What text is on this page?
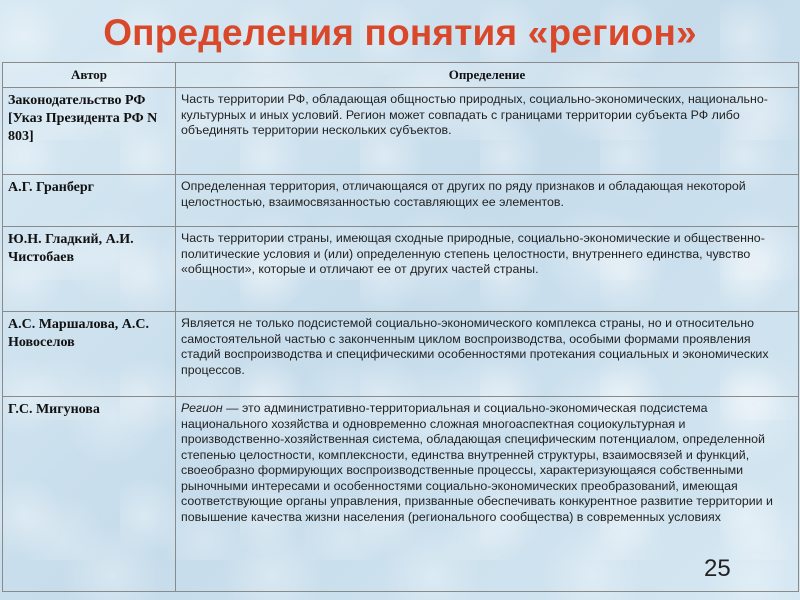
Определения понятия «регион»
Автор	Определение
Законодательство РФ [Указ Президента РФ N 803]	Часть территории РФ, обладающая общностью природных, социально-экономических, национально-культурных и иных условий. Регион может совпадать с границами территории субъекта РФ либо объединять территории нескольких субъектов.
А.Г. Гранберг	Определенная территория, отличающаяся от других по ряду признаков и обладающая некоторой целостностью, взаимосвязанностью составляющих ее элементов.
Ю.Н. Гладкий, А.И. Чистобаев	Часть территории страны, имеющая сходные природные, социально-экономические и общественно-политические условия и (или) определенную степень целостности, внутреннего единства, чувство «общности», которые и отличают ее от других частей страны.
А.С. Маршалова, А.С. Новоселов	Является не только подсистемой социально-экономического комплекса страны, но и относительно самостоятельной частью с законченным циклом воспроизводства, особыми формами проявления стадий воспроизводства и специфическими особенностями протекания социальных и экономических процессов.
Г.С. Мигунова	Регион — это административно-территориальная и социально-экономическая подсистема национального хозяйства и одновременно сложная многоаспектная социокультурная и производственно-хозяйственная система, обладающая специфическим потенциалом, определенной степенью целостности, комплексности, единства внутренней структуры, взаимосвязей и функций, своеобразно формирующих воспроизводственные процессы, характеризующаяся собственными рыночными интересами и особенностями социально-экономических преобразований, имеющая соответствующие органы управления, призванные обеспечивать конкурентное развитие территории и повышение качества жизни населения (регионального сообщества) в современных условиях
25
